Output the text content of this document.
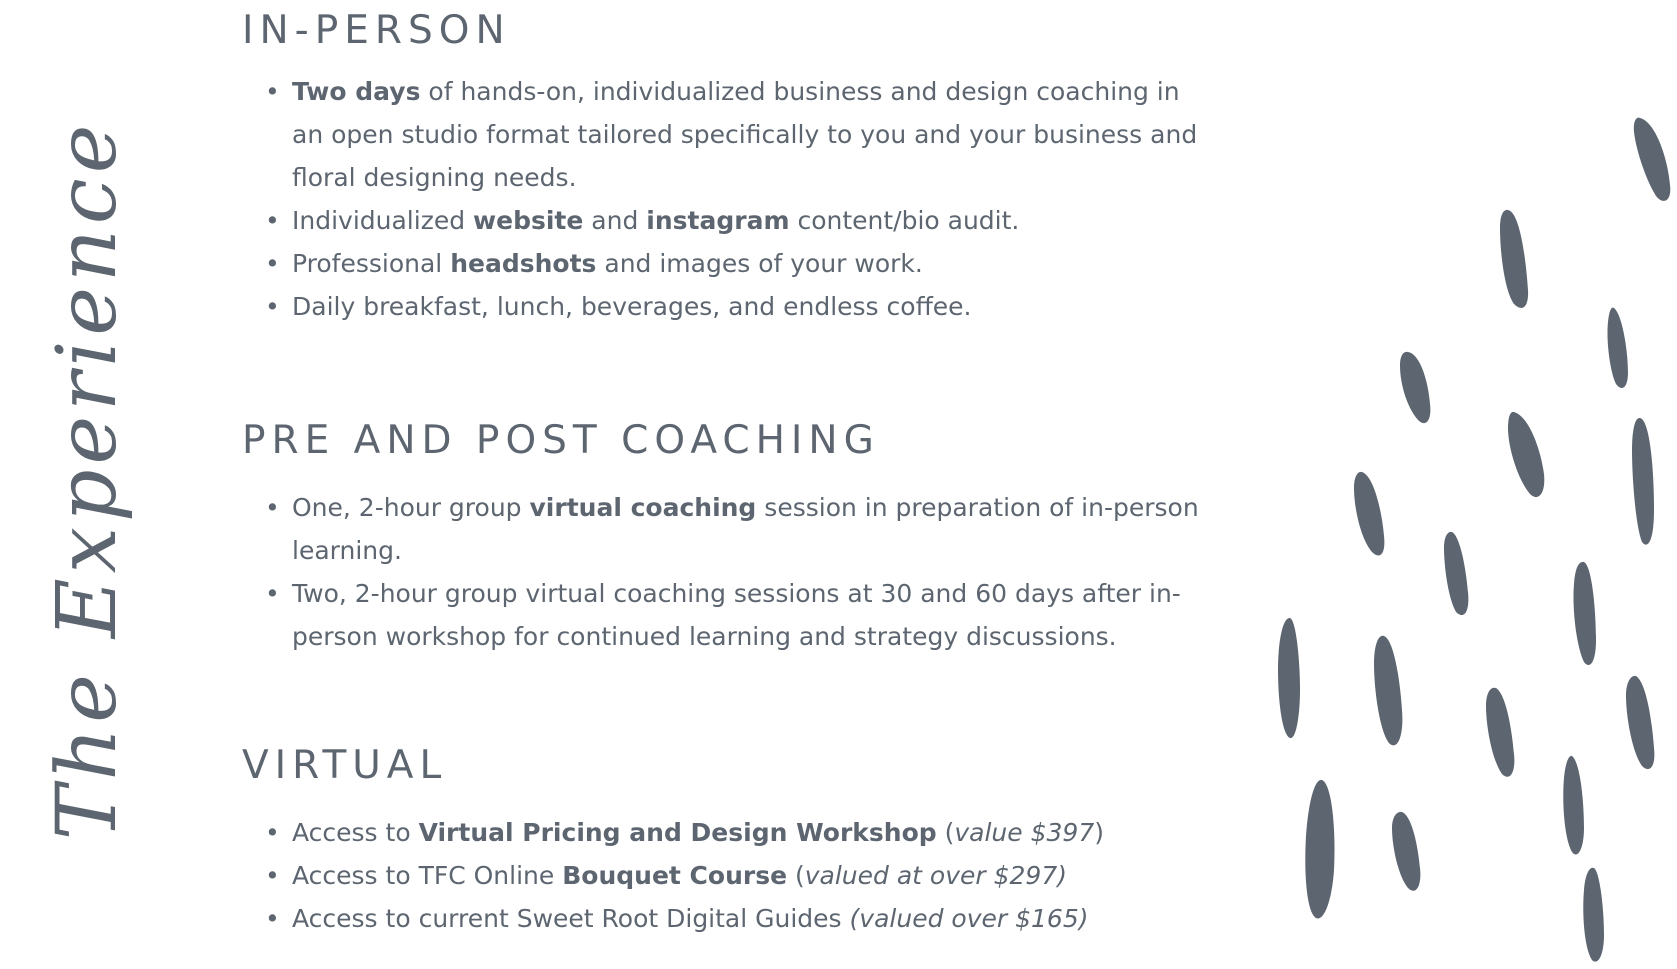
The Experience
IN-PERSON
• Two days of hands-on, individualized business and design coaching in an open studio format tailored specifically to you and your business and floral designing needs.
• Individualized website and instagram content/bio audit.
• Professional headshots and images of your work.
• Daily breakfast, lunch, beverages, and endless coffee.
PRE AND POST COACHING
• One, 2-hour group virtual coaching session in preparation of in-person learning.
• Two, 2-hour group virtual coaching sessions at 30 and 60 days after in-person workshop for continued learning and strategy discussions.
VIRTUAL
• Access to Virtual Pricing and Design Workshop (value $397)
• Access to TFC Online Bouquet Course (valued at over $297)
• Access to current Sweet Root Digital Guides (valued over $165)
